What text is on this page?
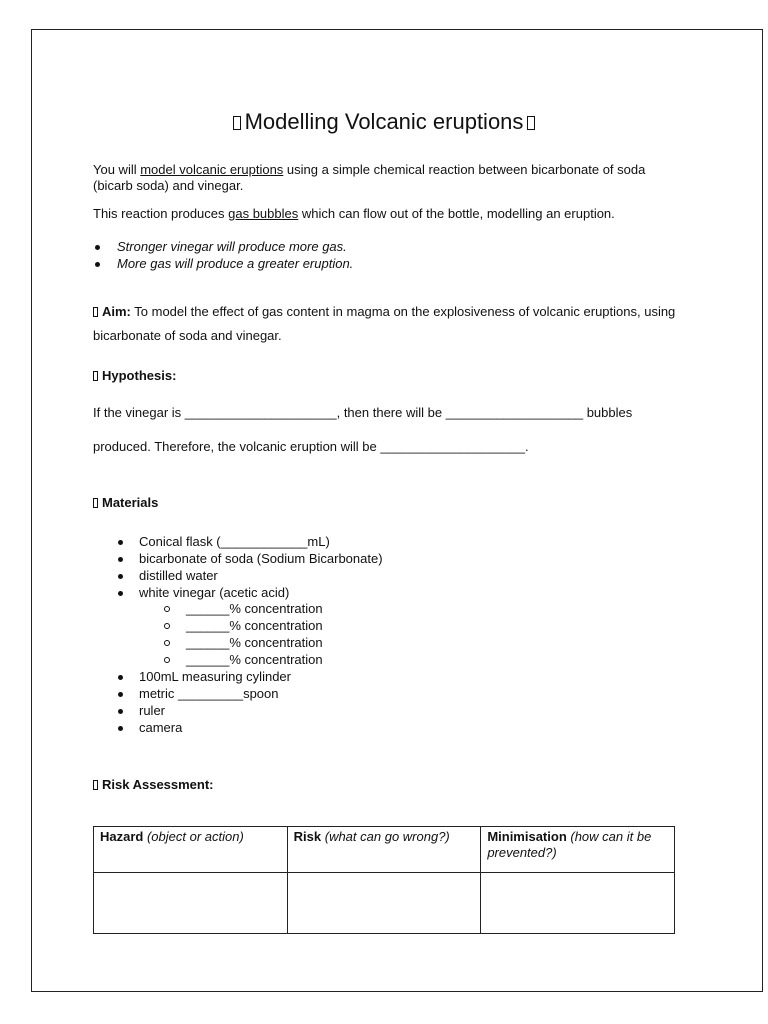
Modelling Volcanic eruptions
You will model volcanic eruptions using a simple chemical reaction between bicarbonate of soda
(bicarb soda) and vinegar.
This reaction produces gas bubbles which can flow out of the bottle, modelling an eruption.
Stronger vinegar will produce more gas.
More gas will produce a greater eruption.
Aim: To model the effect of gas content in magma on the explosiveness of volcanic eruptions, using
bicarbonate of soda and vinegar.
Hypothesis:
If the vinegar is _____________________, then there will be ___________________ bubbles
produced. Therefore, the volcanic eruption will be ____________________.
Materials
Conical flask (____________mL)
bicarbonate of soda (Sodium Bicarbonate)
distilled water
white vinegar (acetic acid)
______% concentration
______% concentration
______% concentration
______% concentration
100mL measuring cylinder
metric _________spoon
ruler
camera
Risk Assessment:
Hazard (object or action)	Risk (what can go wrong?)	Minimisation (how can it be prevented?)
